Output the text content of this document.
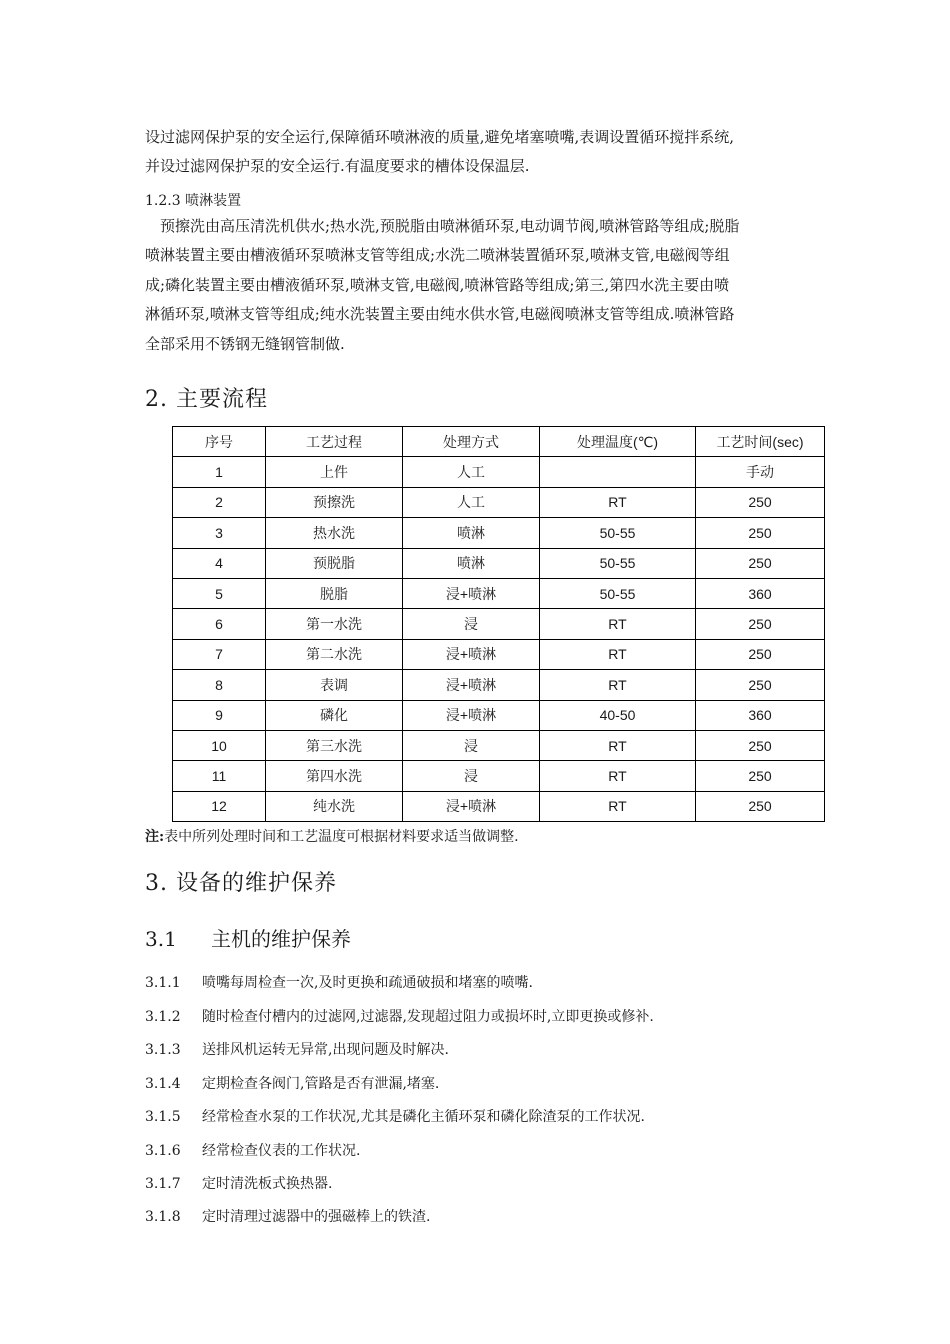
设过滤网保护泵的安全运行,保障循环喷淋液的质量,避免堵塞喷嘴,表调设置循环搅拌系统,

并设过滤网保护泵的安全运行.有温度要求的槽体设保温层.

1.2.3 喷淋装置

　预擦洗由高压清洗机供水;热水洗,预脱脂由喷淋循环泵,电动调节阀,喷淋管路等组成;脱脂

喷淋装置主要由槽液循环泵喷淋支管等组成;水洗二喷淋装置循环泵,喷淋支管,电磁阀等组

成;磷化装置主要由槽液循环泵,喷淋支管,电磁阀,喷淋管路等组成;第三,第四水洗主要由喷

淋循环泵,喷淋支管等组成;纯水洗装置主要由纯水供水管,电磁阀喷淋支管等组成.喷淋管路

全部采用不锈钢无缝钢管制做.

2. 主要流程
序号	工艺过程	处理方式	处理温度(℃)	工艺时间(sec)
1	上件	人工		手动
2	预擦洗	人工	RT	250
3	热水洗	喷淋	50-55	250
4	预脱脂	喷淋	50-55	250
5	脱脂	浸+喷淋	50-55	360
6	第一水洗	浸	RT	250
7	第二水洗	浸+喷淋	RT	250
8	表调	浸+喷淋	RT	250
9	磷化	浸+喷淋	40-50	360
10	第三水洗	浸	RT	250
11	第四水洗	浸	RT	250
12	纯水洗	浸+喷淋	RT	250
注:表中所列处理时间和工艺温度可根据材料要求适当做调整.
3. 设备的维护保养
3.1 主机的维护保养
3.1.1 喷嘴每周检查一次,及时更换和疏通破损和堵塞的喷嘴.
3.1.2 随时检查付槽内的过滤网,过滤器,发现超过阻力或损坏时,立即更换或修补.
3.1.3 送排风机运转无异常,出现问题及时解决.
3.1.4 定期检查各阀门,管路是否有泄漏,堵塞.
3.1.5 经常检查水泵的工作状况,尤其是磷化主循环泵和磷化除渣泵的工作状况.
3.1.6 经常检查仪表的工作状况.
3.1.7 定时清洗板式换热器.
3.1.8 定时清理过滤器中的强磁棒上的铁渣.
